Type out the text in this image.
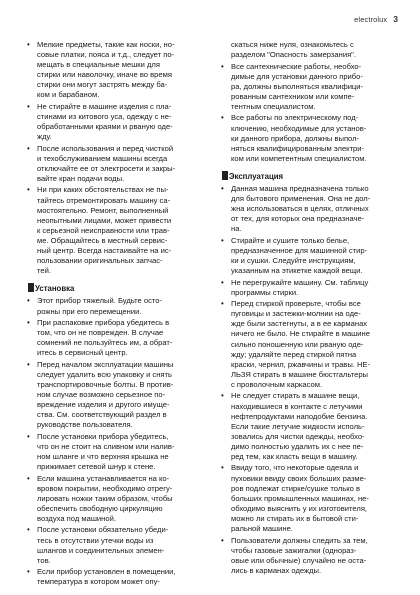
electrolux 3
• Мелкие предметы, такие как носки, но-
совые платки, пояса и т.д., следует по-
мещать в специальные мешки для
стирки или наволочку, иначе во время
стирки они могут застрять между ба-
ком и барабаном.
• Не стирайте в машине изделия с пла-
стинами из китового уса, одежду с не-
обработанными краями и рваную оде-
жду.
• После использования и перед чисткой
и техобслуживанием машины всегда
отключайте ее от электросети и закры-
вайте кран подачи воды.
• Ни при каких обстоятельствах не пы-
тайтесь отремонтировать машину са-
мостоятельно. Ремонт, выполненный
неопытными лицами, может привести
к серьезной неисправности или трав-
ме. Обращайтесь в местный сервис-
ный центр. Всегда настаивайте на ис-
пользовании оригинальных запчас-
тей.
Установка
• Этот прибор тяжелый. Будьте осто-
рожны при его перемещении.
• При распаковке прибора убедитесь в
том, что он не поврежден. В случае
сомнений не пользуйтесь им, а обрат-
итесь в сервисный центр.
• Перед началом эксплуатации машины
следует удалить всю упаковку и снять
транспортировочные болты. В против-
ном случае возможно серьезное по-
вреждение изделия и другого имуще-
ства. См. соответствующий раздел в
руководстве пользователя.
• После установки прибора убедитесь,
что он не стоит на сливном или налив-
ном шланге и что верхняя крышка не
прижимает сетевой шнур к стене.
• Если машина устанавливается на ко-
вровом покрытии, необходимо отрегу-
лировать ножки таким образом, чтобы
обеспечить свободную циркуляцию
воздуха под машиной.
• После установки обязательно убеди-
тесь в отсутствии утечки воды из
шлангов и соединительных элемен-
тов.
• Если прибор установлен в помещении,
температура в котором может опу-
скаться ниже нуля, ознакомьтесь с
разделом "Опасность замерзания".
• Все сантехнические работы, необхо-
димые для установки данного прибо-
ра, должны выполняться квалифици-
рованным сантехником или компе-
тентным специалистом.
• Все работы по электрическому под-
ключению, необходимые для установ-
ки данного прибора, должны выпол-
няться квалифицированным электри-
ком или компетентным специалистом.
Эксплуатация
• Данная машина предназначена только
для бытового применения. Она не дол-
жна использоваться в целях, отличных
от тех, для которых она предназначе-
на.
• Стирайте и сушите только белье,
предназначенное для машинной стир-
ки и сушки. Следуйте инструкциям,
указанным на этикетке каждой вещи.
• Не перегружайте машину. См. таблицу
программы стирки.
• Перед стиркой проверьте, чтобы все
пуговицы и застежки-молнии на оде-
жде были застегнуты, а в ее карманах
ничего не было. Не стирайте в машине
сильно поношенную или рваную оде-
жду; удаляйте перед стиркой пятна
краски, чернил, ржавчины и травы. НЕ-
ЛЬЗЯ стирать в машине бюстгальтеры
с проволочным каркасом.
• Не следует стирать в машине вещи,
находившиеся в контакте с летучими
нефтепродуктами наподобие бензина.
Если такие летучие жидкости исполь-
зовались для чистки одежды, необхо-
димо полностью удалить их с нее пе-
ред тем, как класть вещи в машину.
• Ввиду того, что некоторые одеяла и
пуховики ввиду своих больших разме-
ров подлежат стирке/сушке только в
больших промышленных машинах, не-
обходимо выяснить у их изготовителя,
можно ли стирать их в бытовой сти-
ральной машине.
• Пользователи должны следить за тем,
чтобы газовые зажигалки (однораз-
овые или обычные) случайно не оста-
лись в карманах одежды.
